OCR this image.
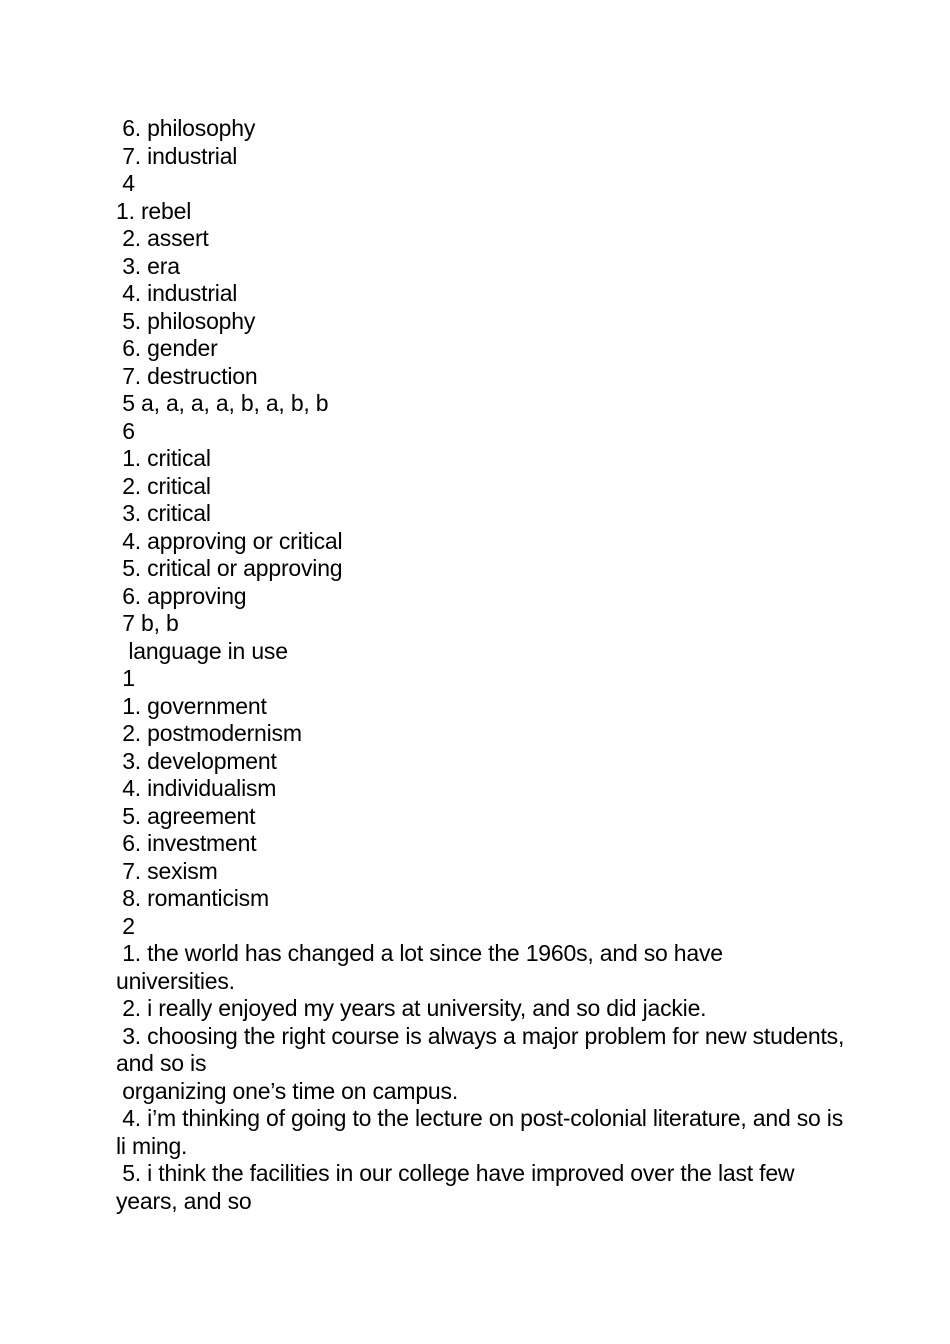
6. philosophy

7. industrial

4

1. rebel

2. assert

3. era

4. industrial

5. philosophy

6. gender

7. destruction

5 a, a, a, a, b, a, b, b

6

1. critical

2. critical

3. critical

4. approving or critical

5. critical or approving

6. approving

7 b, b

language in use

1

1. government

2. postmodernism

3. development

4. individualism

5. agreement

6. investment

7. sexism

8. romanticism

2

1. the world has changed a lot since the 1960s, and so have universities.

2. i really enjoyed my years at university, and so did jackie.

3. choosing the right course is always a major problem for new students, and so is

organizing one’s time on campus.

4. i’m thinking of going to the lecture on post-colonial literature, and so is li ming.

5. i think the facilities in our college have improved over the last few years, and so
